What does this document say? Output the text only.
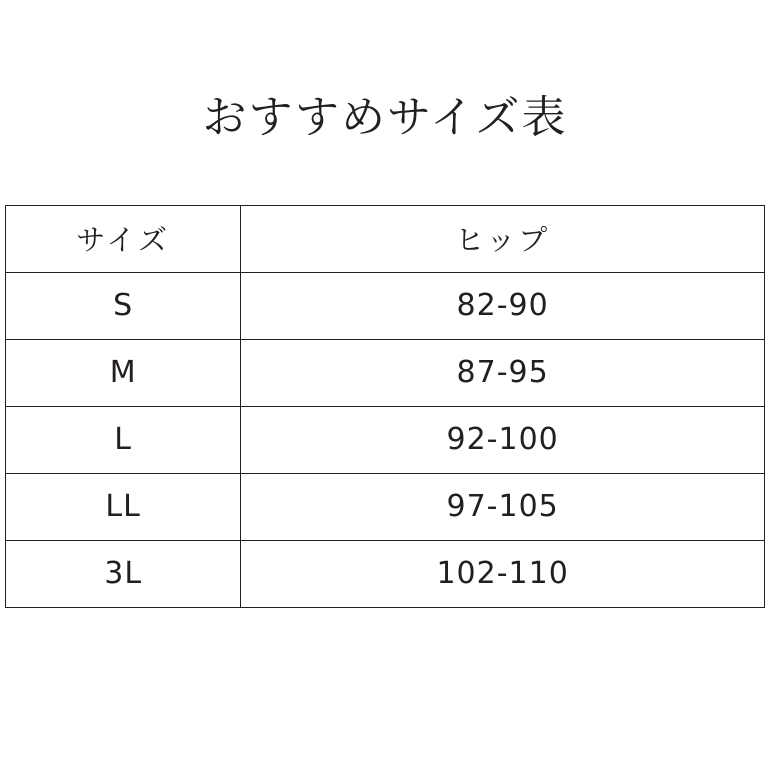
おすすめサイズ表
サイズ	ヒップ
S	82-90
M	87-95
L	92-100
LL	97-105
3L	102-110
